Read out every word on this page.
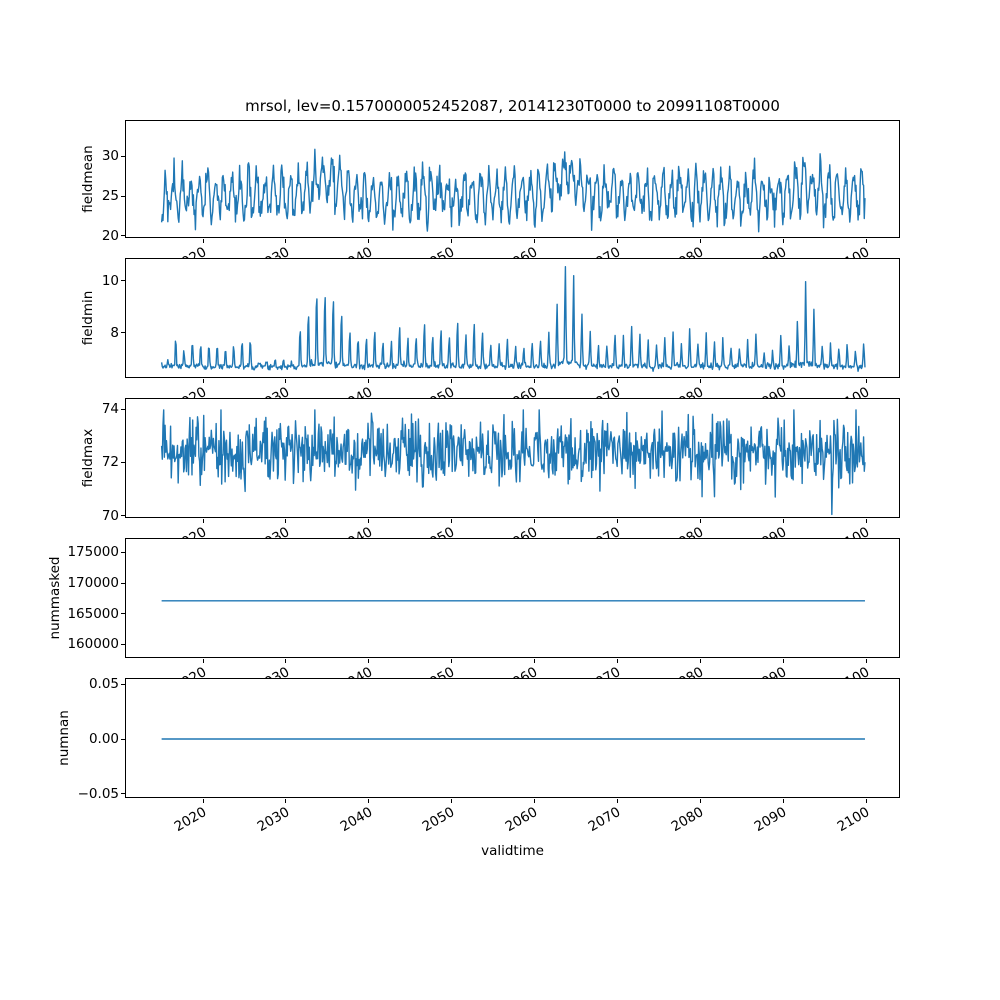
mrsol, lev=0.1570000052452087, 20141230T0000 to 20991108T0000
20
25
30
fieldmean
8
10
fieldmin
70
72
74
fieldmax
160000
165000
170000
175000
nummasked
−0.05
0.00
0.05
2020	2030	2040	2050	2060	2070	2080	2090	2100
numnan
validtime
